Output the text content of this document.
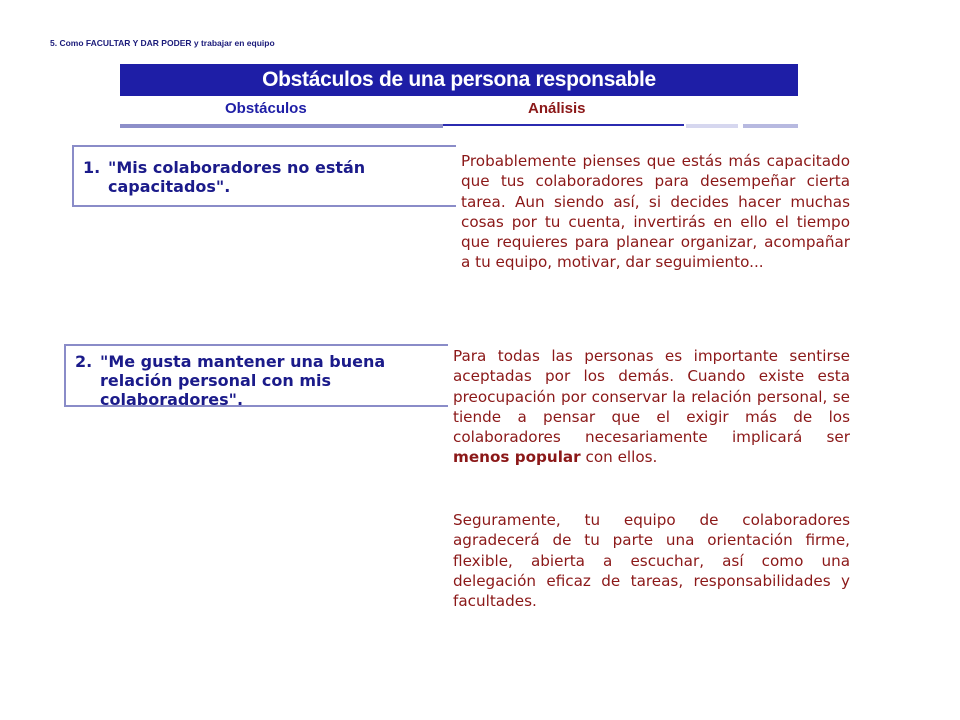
5. Como FACULTAR Y DAR PODER y trabajar en equipo
Obstáculos de una persona responsable
Obstáculos	Análisis
1. "Mis colaboradores no están
capacitados".

Probablemente pienses que estás más capacitado que tus colaboradores para desempeñar cierta tarea. Aun siendo así, si decides hacer muchas cosas por tu cuenta, invertirás en ello el tiempo que requieres para planear organizar, acompañar a tu equipo, motivar, dar seguimiento...

2. "Me gusta mantener una buena
relación personal con mis
colaboradores".

Para todas las personas es importante sentirse aceptadas por los demás. Cuando existe esta preocupación por conservar la relación personal, se tiende a pensar que el exigir más de los colaboradores necesariamente implicará ser menos popular con ellos.

Seguramente, tu equipo de colaboradores agradecerá de tu parte una orientación firme, flexible, abierta a escuchar, así como una delegación eficaz de tareas, responsabilidades y facultades.
